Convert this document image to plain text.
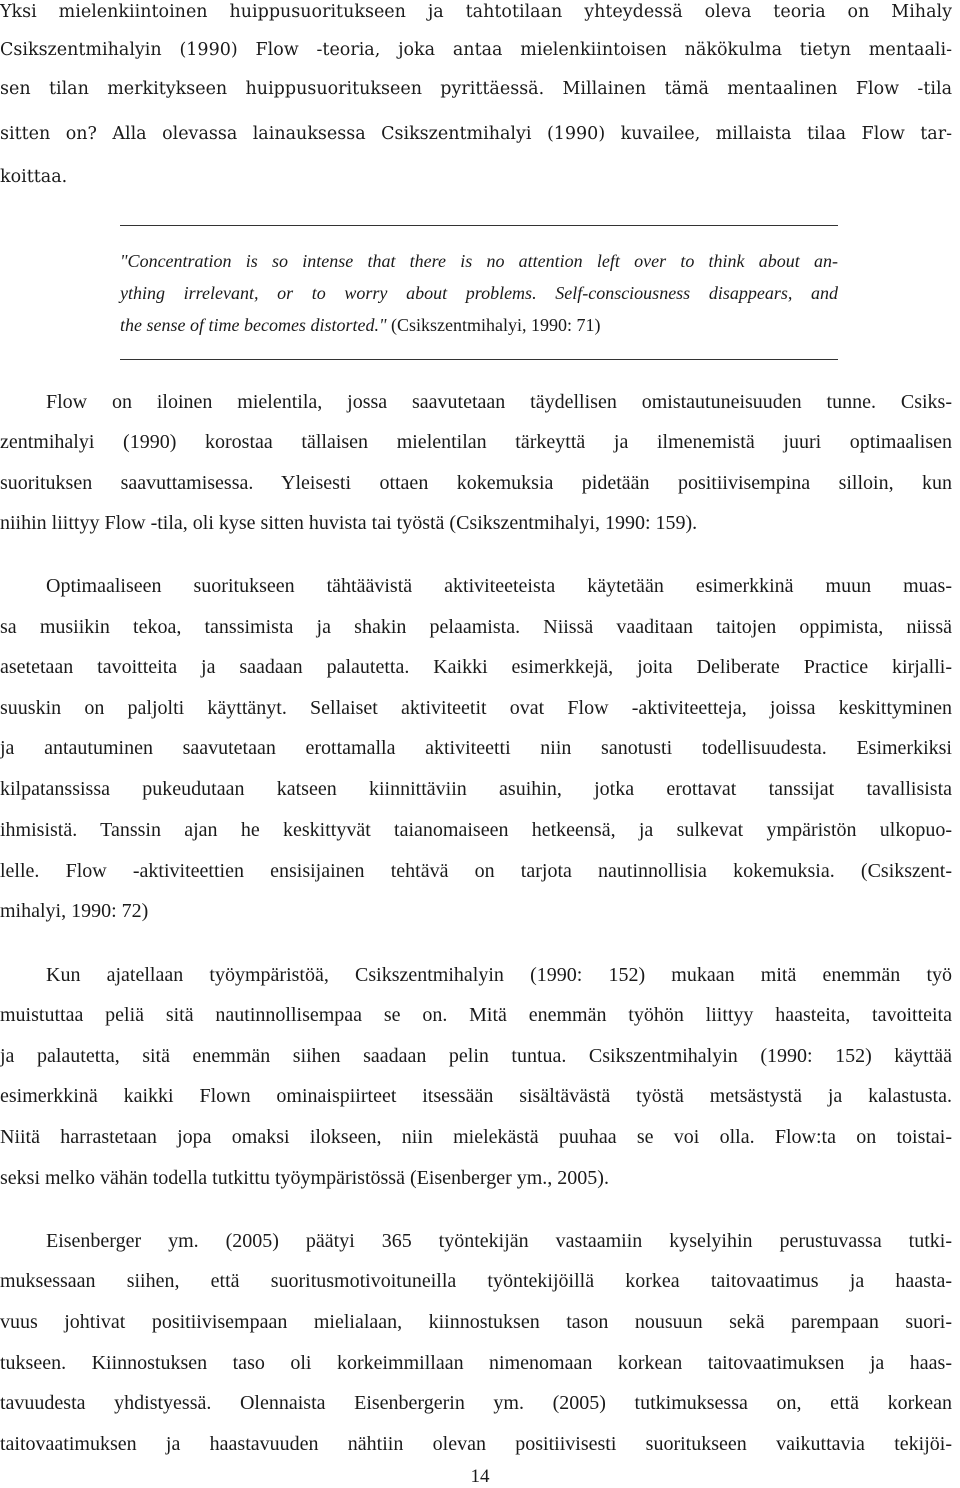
Yksi mielenkiintoinen huippusuoritukseen ja tahtotilaan yhteydessä oleva teoria on Mihaly
Csikszentmihalyin (1990) Flow -teoria, joka antaa mielenkiintoisen näkökulma tietyn mentaali-
sen tilan merkitykseen huippusuoritukseen pyrittäessä. Millainen tämä mentaalinen Flow -tila
sitten on? Alla olevassa lainauksessa Csikszentmihalyi (1990) kuvailee, millaista tilaa Flow tar-
koittaa.
"Concentration is so intense that there is no attention left over to think about an-
ything irrelevant, or to worry about problems. Self-consciousness disappears, and
the sense of time becomes distorted." (Csikszentmihalyi, 1990: 71)
Flow on iloinen mielentila, jossa saavutetaan täydellisen omistautuneisuuden tunne. Csiks-
zentmihalyi (1990) korostaa tällaisen mielentilan tärkeyttä ja ilmenemistä juuri optimaalisen
suorituksen saavuttamisessa. Yleisesti ottaen kokemuksia pidetään positiivisempina silloin, kun
niihin liittyy Flow -tila, oli kyse sitten huvista tai työstä (Csikszentmihalyi, 1990: 159).
Optimaaliseen suoritukseen tähtäävistä aktiviteeteista käytetään esimerkkinä muun muas-
sa musiikin tekoa, tanssimista ja shakin pelaamista. Niissä vaaditaan taitojen oppimista, niissä
asetetaan tavoitteita ja saadaan palautetta. Kaikki esimerkkejä, joita Deliberate Practice kirjalli-
suuskin on paljolti käyttänyt. Sellaiset aktiviteetit ovat Flow -aktiviteetteja, joissa keskittyminen
ja antautuminen saavutetaan erottamalla aktiviteetti niin sanotusti todellisuudesta. Esimerkiksi
kilpatanssissa pukeudutaan katseen kiinnittäviin asuihin, jotka erottavat tanssijat tavallisista
ihmisistä. Tanssin ajan he keskittyvät taianomaiseen hetkeensä, ja sulkevat ympäristön ulkopuo-
lelle. Flow -aktiviteettien ensisijainen tehtävä on tarjota nautinnollisia kokemuksia. (Csikszent-
mihalyi, 1990: 72)
Kun ajatellaan työympäristöä, Csikszentmihalyin (1990: 152) mukaan mitä enemmän työ
muistuttaa peliä sitä nautinnollisempaa se on. Mitä enemmän työhön liittyy haasteita, tavoitteita
ja palautetta, sitä enemmän siihen saadaan pelin tuntua. Csikszentmihalyin (1990: 152) käyttää
esimerkkinä kaikki Flown ominaispiirteet itsessään sisältävästä työstä metsästystä ja kalastusta.
Niitä harrastetaan jopa omaksi ilokseen, niin mielekästä puuhaa se voi olla. Flow:ta on toistai-
seksi melko vähän todella tutkittu työympäristössä (Eisenberger ym., 2005).
Eisenberger ym. (2005) päätyi 365 työntekijän vastaamiin kyselyihin perustuvassa tutki-
muksessaan siihen, että suoritusmotivoituneilla työntekijöillä korkea taitovaatimus ja haasta-
vuus johtivat positiivisempaan mielialaan, kiinnostuksen tason nousuun sekä parempaan suori-
tukseen. Kiinnostuksen taso oli korkeimmillaan nimenomaan korkean taitovaatimuksen ja haas-
tavuudesta yhdistyessä. Olennaista Eisenbergerin ym. (2005) tutkimuksessa on, että korkean
taitovaatimuksen ja haastavuuden nähtiin olevan positiivisesti suoritukseen vaikuttavia tekijöi-
14
